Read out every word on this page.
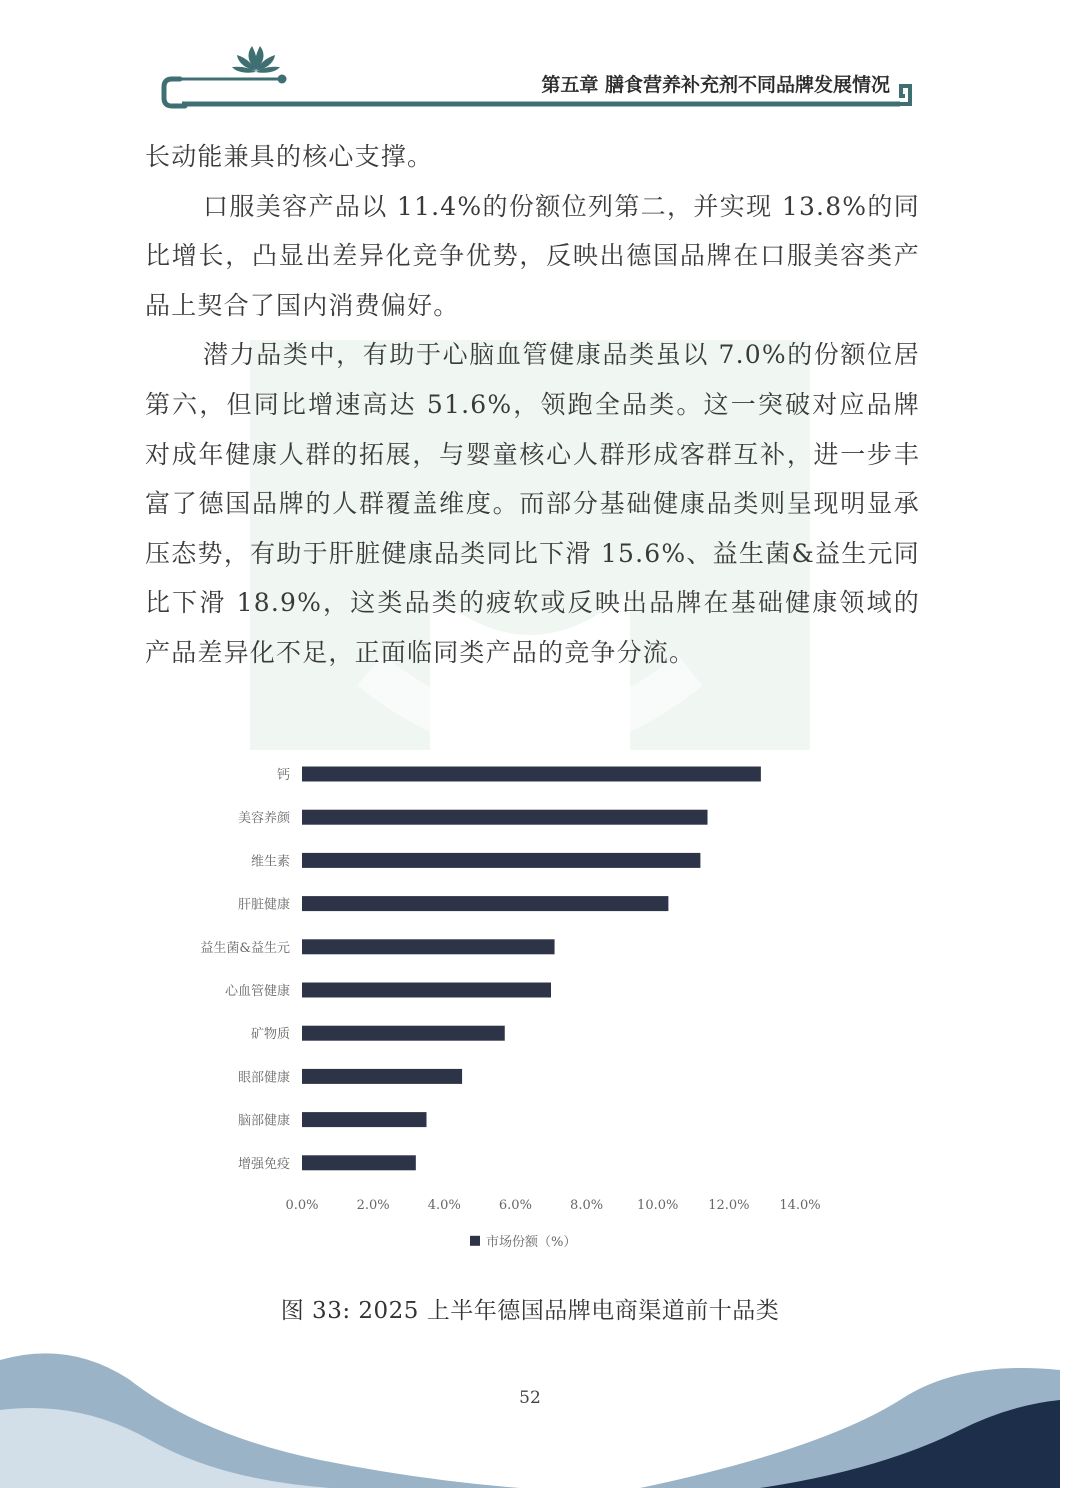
第五章 膳食营养补充剂不同品牌发展情况

长动能兼具的核心支撑。

口服美容产品以 11.4%的份额位列第二，并实现 13.8%的同比增长，凸显出差异化竞争优势，反映出德国品牌在口服美容类产品上契合了国内消费偏好。

潜力品类中，有助于心脑血管健康品类虽以 7.0%的份额位居第六，但同比增速高达 51.6%，领跑全品类。这一突破对应品牌对成年健康人群的拓展，与婴童核心人群形成客群互补，进一步丰富了德国品牌的人群覆盖维度。而部分基础健康品类则呈现明显承压态势，有助于肝脏健康品类同比下滑 15.6%、益生菌&益生元同比下滑 18.9%，这类品类的疲软或反映出品牌在基础健康领域的产品差异化不足，正面临同类产品的竞争分流。

钙
美容养颜
维生素
肝脏健康
益生菌&益生元
心血管健康
矿物质
眼部健康
脑部健康
增强免疫
0.0%	2.0%	4.0%	6.0%	8.0%	10.0% 12.0% 14.0%
市场份额（%）
图 33: 2025 上半年德国品牌电商渠道前十品类
52
